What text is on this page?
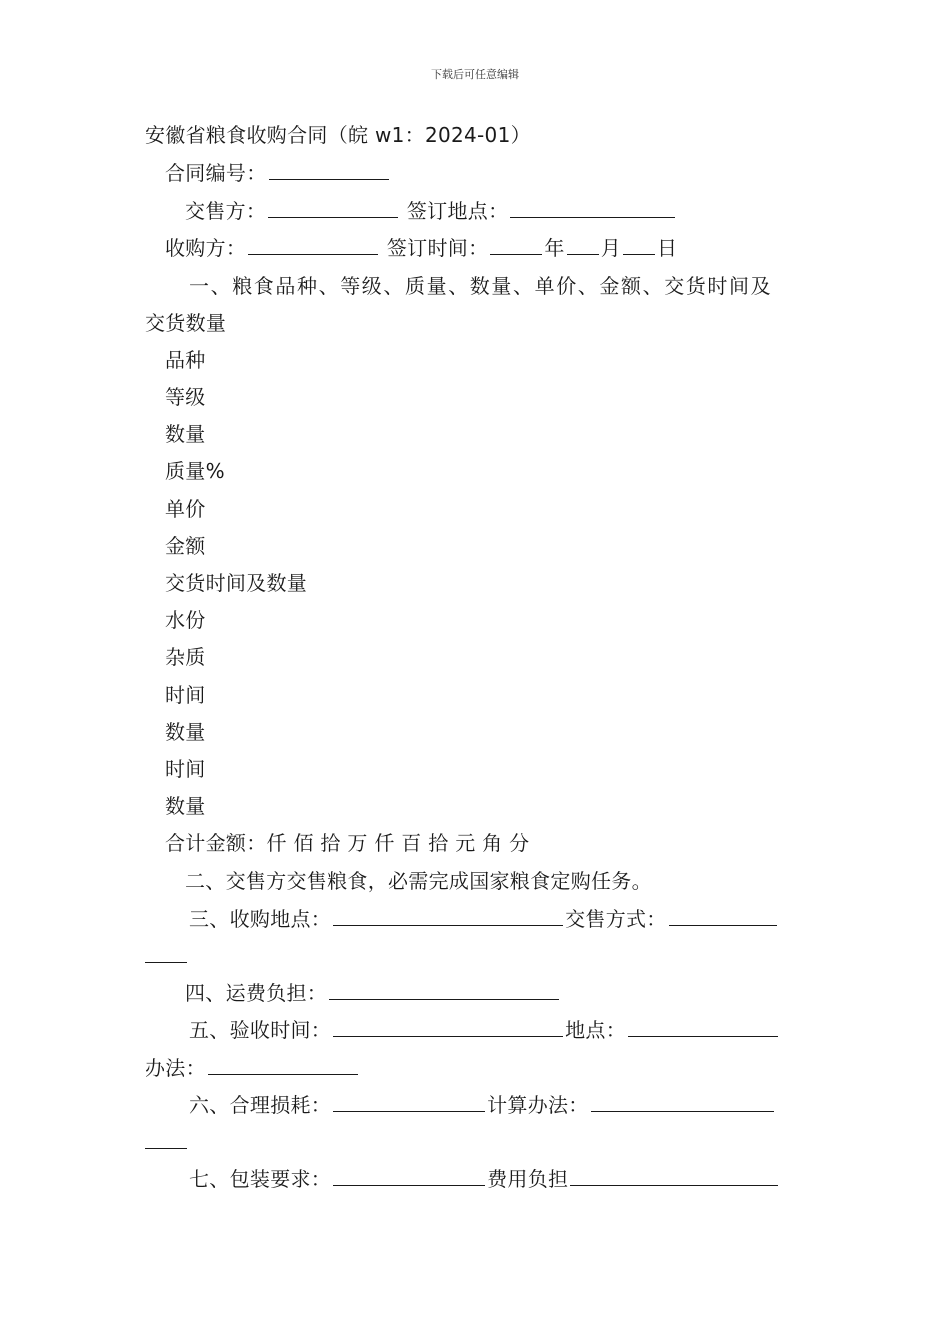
下载后可任意编辑
安徽省粮食收购合同（皖 w1：2024-01）
合同编号：
交售方：	签订地点：
收购方：	签订时间：	年 月 日
一、粮食品种、等级、质量、数量、单价、金额、交货时间及
交货数量
品种
等级
数量
质量%
单价
金额
交货时间及数量
水份
杂质
时间
数量
时间
数量
合计金额：仟 佰 拾 万 仟 百 拾 元 角 分
二、交售方交售粮食，必需完成国家粮食定购任务。
三、收购地点：	交售方式：
四、运费负担：
五、验收时间：	地点：
办法：
六、合理损耗：	计算办法：
七、包装要求：	费用负担
